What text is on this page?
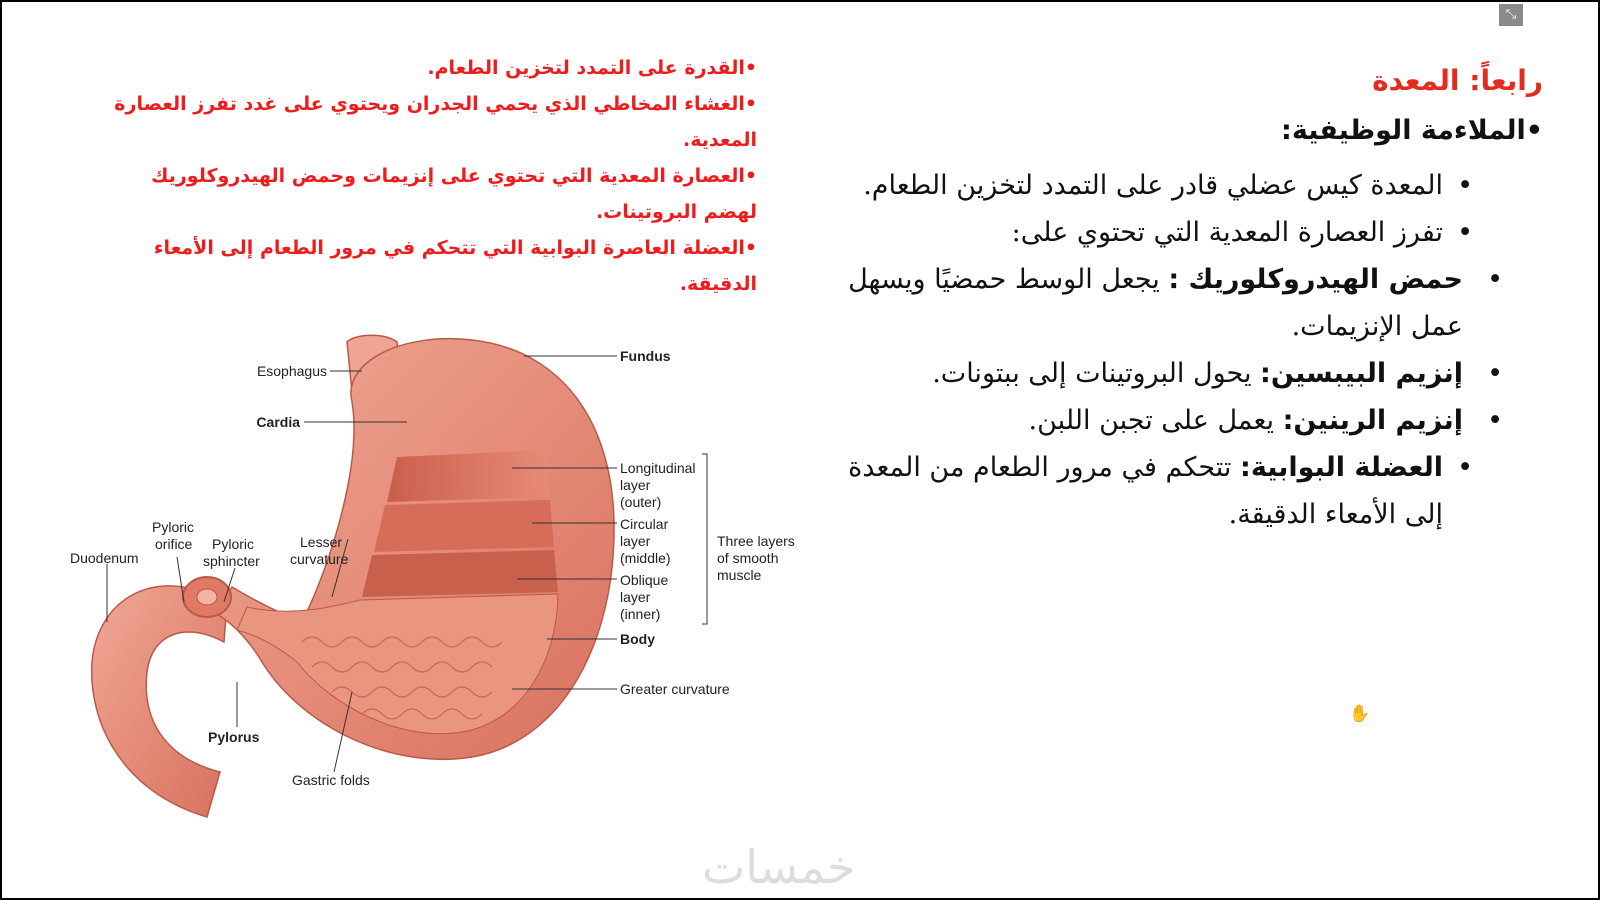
⤡
رابعاً: المعدة
•الملاءمة الوظيفية:
• المعدة كيس عضلي قادر على التمدد لتخزين الطعام.
• تفرز العصارة المعدية التي تحتوي على:
• حمض الهيدروكلوريك : يجعل الوسط حمضيًا ويسهل عمل الإنزيمات.
• إنزيم البيبسين: يحول البروتينات إلى ببتونات.
• إنزيم الرينين: يعمل على تجبن اللبن.
• العضلة البوابية: تتحكم في مرور الطعام من المعدة إلى الأمعاء الدقيقة.

•القدرة على التمدد لتخزين الطعام.

•الغشاء المخاطي الذي يحمي الجدران ويحتوي على غدد تفرز العصارة المعدية.

•العصارة المعدية التي تحتوي على إنزيمات وحمض الهيدروكلوريك لهضم البروتينات.

•العضلة العاصرة البوابية التي تتحكم في مرور الطعام إلى الأمعاء الدقيقة.

Esophagus
Cardia
Fundus
Longitudinal layer (outer)
Circular layer (middle)
Oblique layer (inner)
Three layers of smooth muscle
Body
Greater curvature
Gastric folds
Pylorus
Duodenum
Pyloric orifice	Pyloric sphincter
Lesser curvature
خمسات
✋
